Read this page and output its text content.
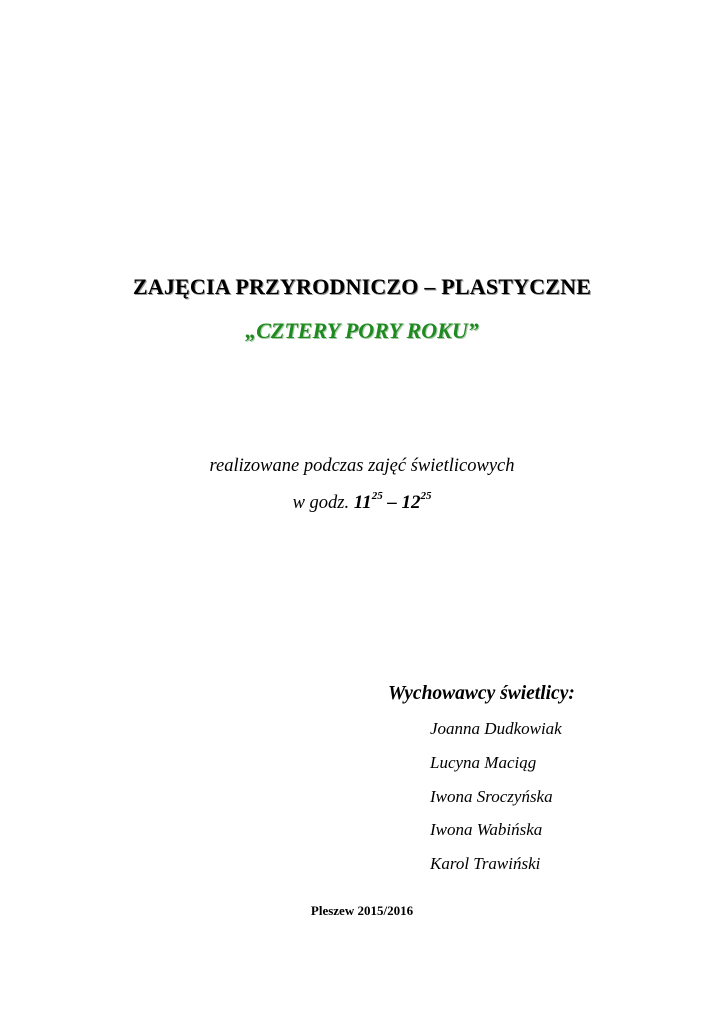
ZAJĘCIA PRZYRODNICZO – PLASTYCZNE
„CZTERY PORY ROKU”
realizowane podczas zajęć świetlicowych
w godz. $11^{25} - 12^{25}$
Wychowawcy świetlicy:
Joanna Dudkowiak
Lucyna Maciąg
Iwona Sroczyńska
Iwona Wabińska
Karol Trawiński
Pleszew 2015/2016
